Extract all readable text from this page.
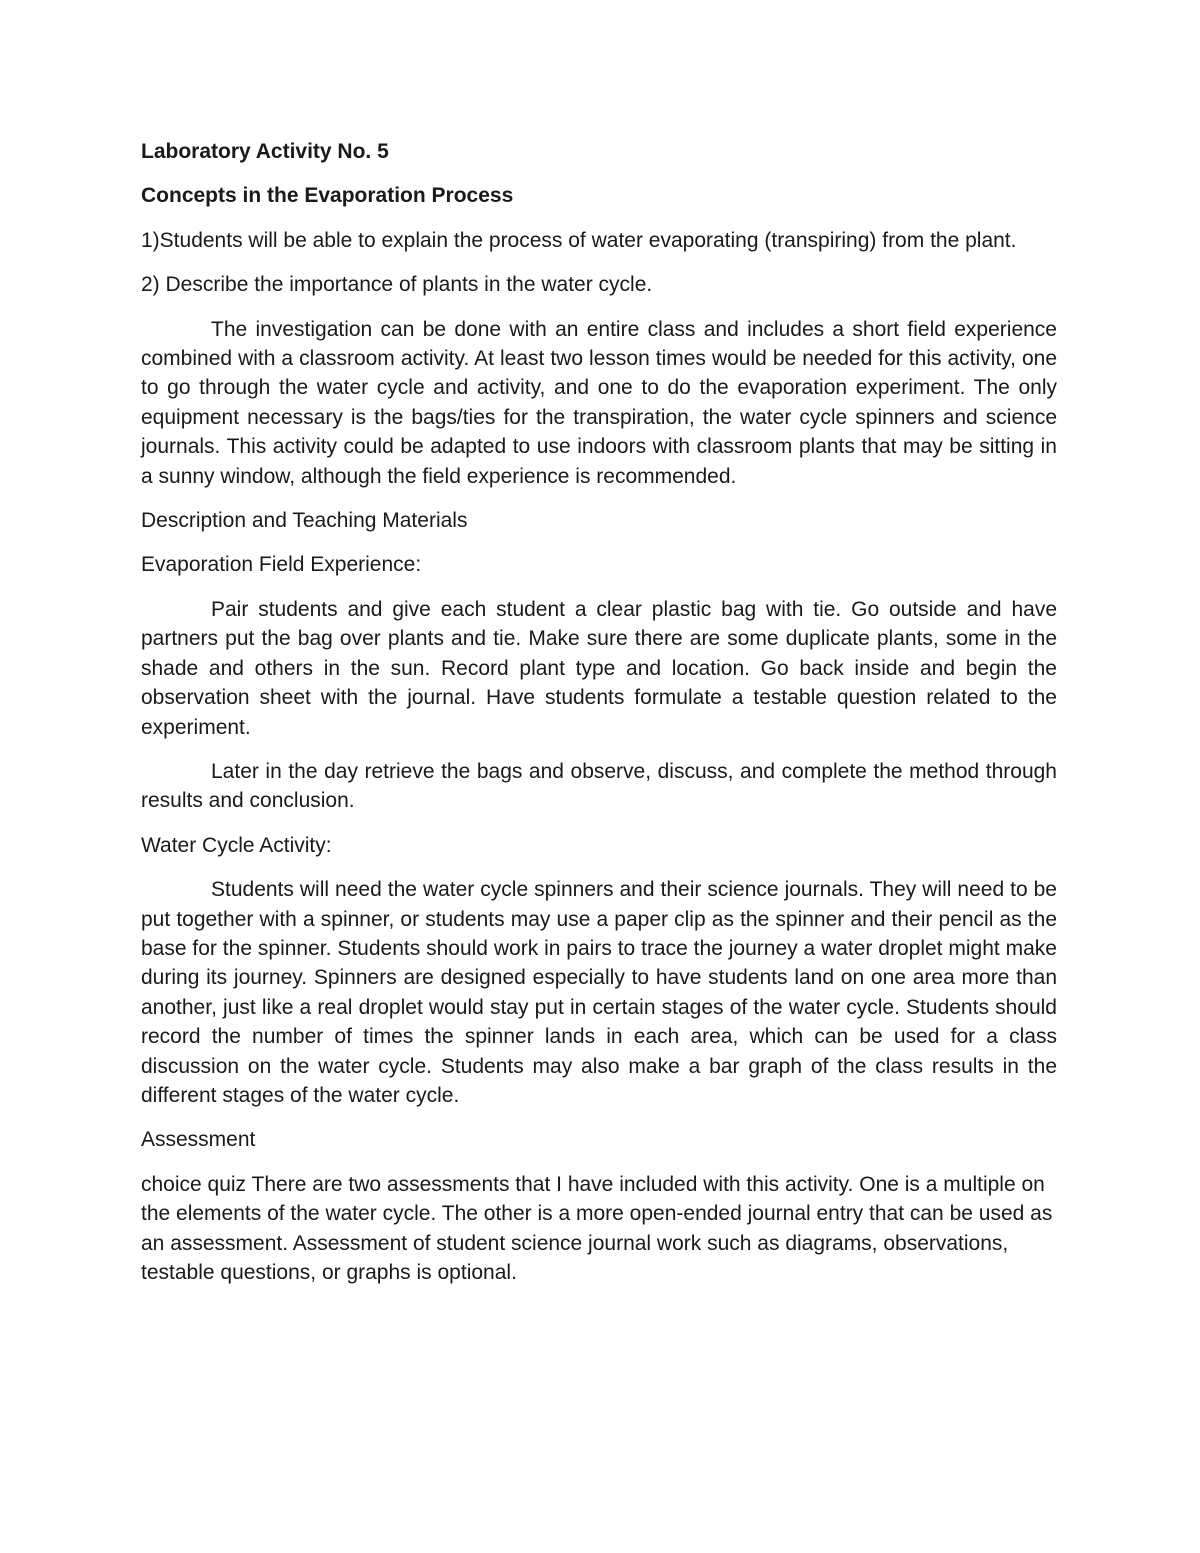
Laboratory Activity No. 5

Concepts in the Evaporation Process

1)Students will be able to explain the process of water evaporating (transpiring) from the plant.

2) Describe the importance of plants in the water cycle.

The investigation can be done with an entire class and includes a short field experience combined with a classroom activity. At least two lesson times would be needed for this activity, one to go through the water cycle and activity, and one to do the evaporation experiment. The only equipment necessary is the bags/ties for the transpiration, the water cycle spinners and science journals. This activity could be adapted to use indoors with classroom plants that may be sitting in a sunny window, although the field experience is recommended.

Description and Teaching Materials

Evaporation Field Experience:

Pair students and give each student a clear plastic bag with tie. Go outside and have partners put the bag over plants and tie. Make sure there are some duplicate plants, some in the shade and others in the sun. Record plant type and location. Go back inside and begin the observation sheet with the journal. Have students formulate a testable question related to the experiment.

Later in the day retrieve the bags and observe, discuss, and complete the method through results and conclusion.

Water Cycle Activity:

Students will need the water cycle spinners and their science journals. They will need to be put together with a spinner, or students may use a paper clip as the spinner and their pencil as the base for the spinner. Students should work in pairs to trace the journey a water droplet might make during its journey. Spinners are designed especially to have students land on one area more than another, just like a real droplet would stay put in certain stages of the water cycle. Students should record the number of times the spinner lands in each area, which can be used for a class discussion on the water cycle. Students may also make a bar graph of the class results in the different stages of the water cycle.

Assessment

choice quiz There are two assessments that I have included with this activity. One is a multiple on the elements of the water cycle. The other is a more open-ended journal entry that can be used as an assessment. Assessment of student science journal work such as diagrams, observations, testable questions, or graphs is optional.
